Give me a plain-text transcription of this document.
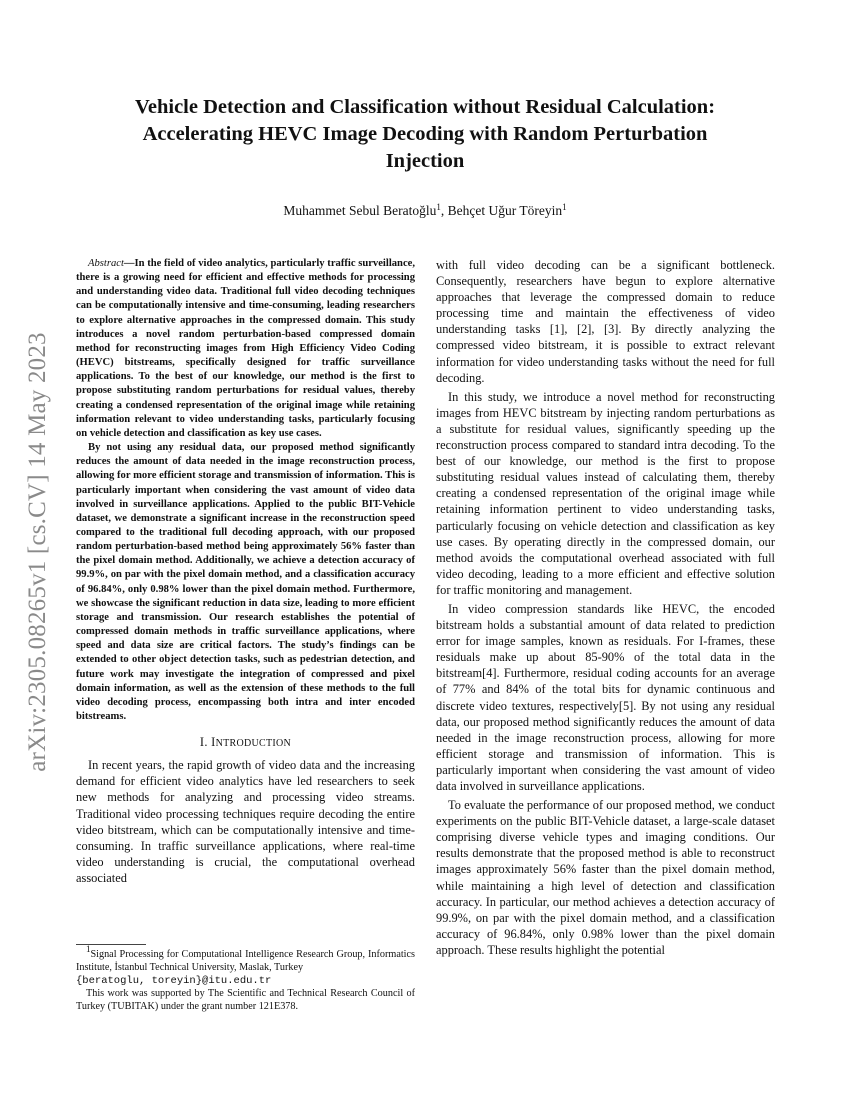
arXiv:2305.08265v1 [cs.CV] 14 May 2023
Vehicle Detection and Classification without Residual Calculation:
Accelerating HEVC Image Decoding with Random Perturbation
Injection
Muhammet Sebul Beratoğlu$^1$, Behçet Uğur Töreyin$^1$

Abstract—In the field of video analytics, particularly traffic surveillance, there is a growing need for efficient and effective methods for processing and understanding video data. Traditional full video decoding techniques can be computationally intensive and time-consuming, leading researchers to explore alternative approaches in the compressed domain. This study introduces a novel random perturbation-based compressed domain method for reconstructing images from High Efficiency Video Coding (HEVC) bitstreams, specifically designed for traffic surveillance applications. To the best of our knowledge, our method is the first to propose substituting random perturbations for residual values, thereby creating a condensed representation of the original image while retaining information relevant to video understanding tasks, particularly focusing on vehicle detection and classification as key use cases.

By not using any residual data, our proposed method significantly reduces the amount of data needed in the image reconstruction process, allowing for more efficient storage and transmission of information. This is particularly important when considering the vast amount of video data involved in surveillance applications. Applied to the public BIT-Vehicle dataset, we demonstrate a significant increase in the reconstruction speed compared to the traditional full decoding approach, with our proposed random perturbation-based method being approximately 56% faster than the pixel domain method. Additionally, we achieve a detection accuracy of 99.9%, on par with the pixel domain method, and a classification accuracy of 96.84%, only 0.98% lower than the pixel domain method. Furthermore, we showcase the significant reduction in data size, leading to more efficient storage and transmission. Our research establishes the potential of compressed domain methods in traffic surveillance applications, where speed and data size are critical factors. The study’s findings can be extended to other object detection tasks, such as pedestrian detection, and future work may investigate the integration of compressed and pixel domain information, as well as the extension of these methods to the full video decoding process, encompassing both intra and inter encoded bitstreams.

I. INTRODUCTION

In recent years, the rapid growth of video data and the increasing demand for efficient video analytics have led researchers to seek new methods for analyzing and processing video streams. Traditional video processing techniques require decoding the entire video bitstream, which can be computationally intensive and time-consuming. In traffic surveillance applications, where real-time video understanding is crucial, the computational overhead associated

$^1$Signal Processing for Computational Intelligence Research Group, Informatics Institute, İstanbul Technical University, Maslak, Turkey
{beratoglu, toreyin}@itu.edu.tr
This work was supported by The Scientific and Technical Research Council of Turkey (TUBITAK) under the grant number 121E378.

with full video decoding can be a significant bottleneck. Consequently, researchers have begun to explore alternative approaches that leverage the compressed domain to reduce processing time and maintain the effectiveness of video understanding tasks [1], [2], [3]. By directly analyzing the compressed video bitstream, it is possible to extract relevant information for video understanding tasks without the need for full decoding.

In this study, we introduce a novel method for reconstructing images from HEVC bitstream by injecting random perturbations as a substitute for residual values, significantly speeding up the reconstruction process compared to standard intra decoding. To the best of our knowledge, our method is the first to propose substituting residual values instead of calculating them, thereby creating a condensed representation of the original image while retaining information pertinent to video understanding tasks, particularly focusing on vehicle detection and classification as key use cases. By operating directly in the compressed domain, our method avoids the computational overhead associated with full video decoding, leading to a more efficient and effective solution for traffic monitoring and management.

In video compression standards like HEVC, the encoded bitstream holds a substantial amount of data related to prediction error for image samples, known as residuals. For I-frames, these residuals make up about 85-90% of the total data in the bitstream[4]. Furthermore, residual coding accounts for an average of 77% and 84% of the total bits for dynamic continuous and discrete video textures, respectively[5]. By not using any residual data, our proposed method significantly reduces the amount of data needed in the image reconstruction process, allowing for more efficient storage and transmission of information. This is particularly important when considering the vast amount of video data involved in surveillance applications.

To evaluate the performance of our proposed method, we conduct experiments on the public BIT-Vehicle dataset, a large-scale dataset comprising diverse vehicle types and imaging conditions. Our results demonstrate that the proposed method is able to reconstruct images approximately 56% faster than the pixel domain method, while maintaining a high level of detection and classification accuracy. In particular, our method achieves a detection accuracy of 99.9%, on par with the pixel domain method, and a classification accuracy of 96.84%, only 0.98% lower than the pixel domain approach. These results highlight the potential
